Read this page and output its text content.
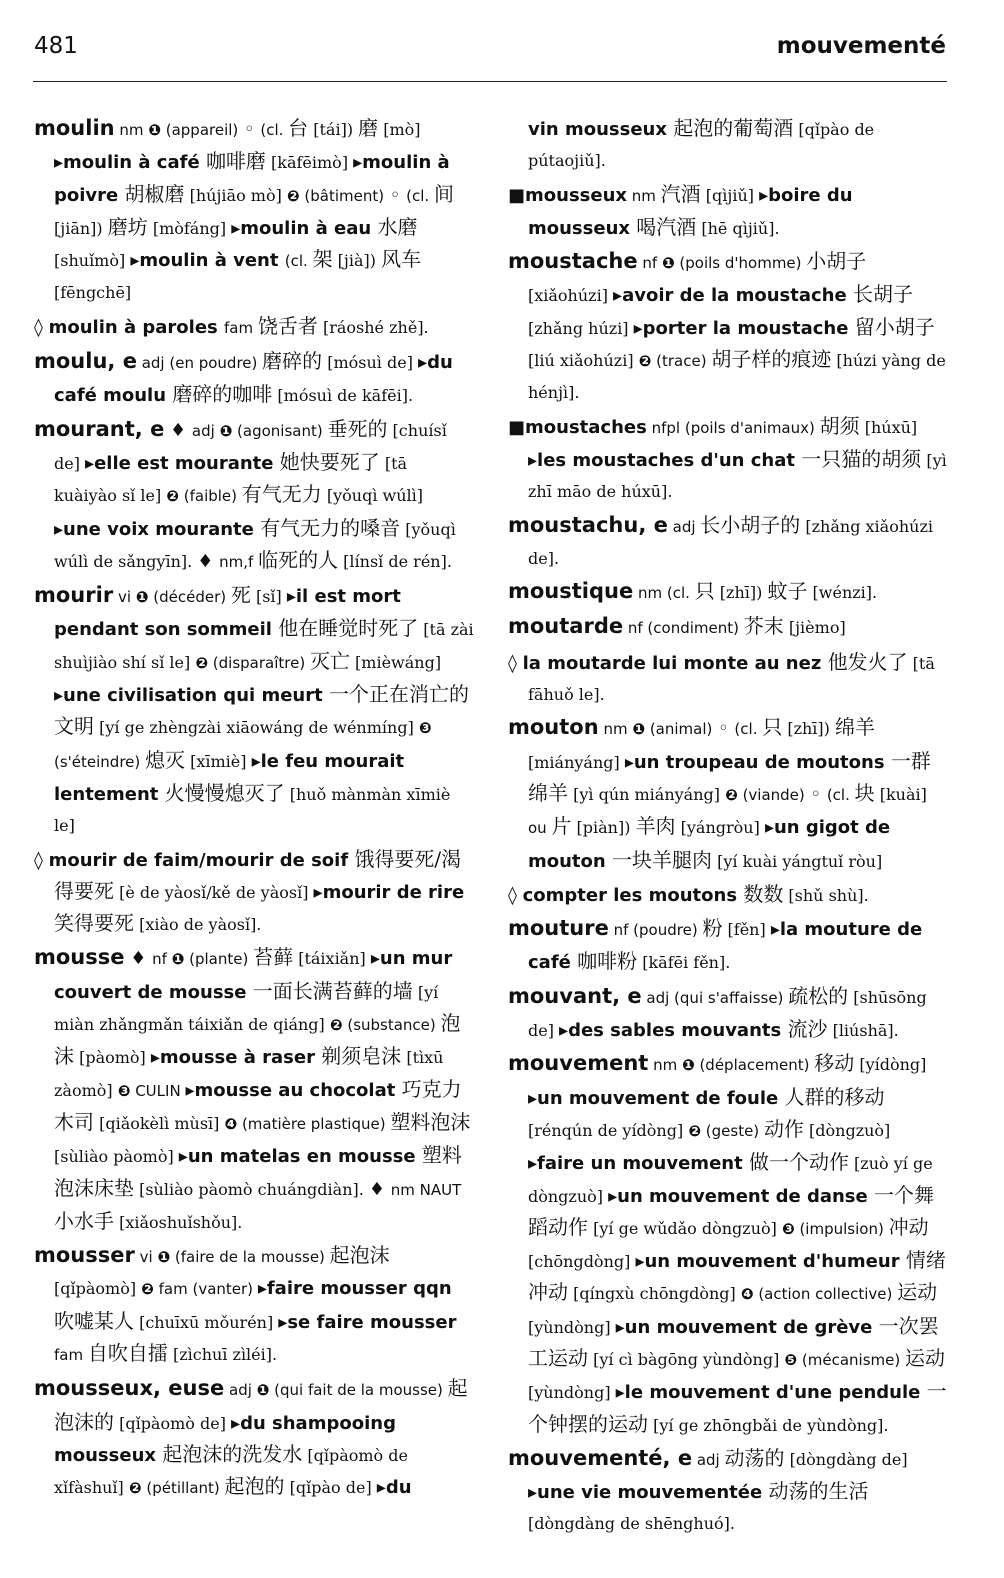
481	mouvementé
moulin nm ❶ (appareil) ◦ (cl. 台 [tái]) 磨 [mò] ▸moulin à café 咖啡磨 [kāfēimò] ▸moulin à poivre 胡椒磨 [hújiāo mò] ❷ (bâtiment) ◦ (cl. 间 [jiān]) 磨坊 [mòfáng] ▸moulin à eau 水磨 [shuǐmò] ▸moulin à vent (cl. 架 [jià]) 风车 [fēngchē]
◊ moulin à paroles fam 饶舌者 [ráoshé zhě].
moulu, e adj (en poudre) 磨碎的 [mósuì de] ▸du café moulu 磨碎的咖啡 [mósuì de kāfēi].
mourant, e ♦ adj ❶ (agonisant) 垂死的 [chuísǐ de] ▸elle est mourante 她快要死了 [tā kuàiyào sǐ le] ❷ (faible) 有气无力 [yǒuqì wúlì] ▸une voix mourante 有气无力的嗓音 [yǒuqì wúlì de sǎngyīn]. ♦ nm,f 临死的人 [línsǐ de rén].
mourir vi ❶ (décéder) 死 [sǐ] ▸il est mort pendant son sommeil 他在睡觉时死了 [tā zài shuìjiào shí sǐ le] ❷ (disparaître) 灭亡 [mièwáng] ▸une civilisation qui meurt 一个正在消亡的文明 [yí ge zhèngzài xiāowáng de wénmíng] ❸ (s'éteindre) 熄灭 [xīmiè] ▸le feu mourait lentement 火慢慢熄灭了 [huǒ mànmàn xīmiè le]
◊ mourir de faim/mourir de soif 饿得要死/渴得要死 [è de yàosǐ/kě de yàosǐ] ▸mourir de rire 笑得要死 [xiào de yàosǐ].
mousse ♦ nf ❶ (plante) 苔藓 [táixiǎn] ▸un mur couvert de mousse 一面长满苔藓的墙 [yí miàn zhǎngmǎn táixiǎn de qiáng] ❷ (substance) 泡沫 [pàomò] ▸mousse à raser 剃须皂沫 [tìxū zàomò] ❸ CULIN ▸mousse au chocolat 巧克力木司 [qiǎokèlì mùsī] ❹ (matière plastique) 塑料泡沫 [sùliào pàomò] ▸un matelas en mousse 塑料泡沫床垫 [sùliào pàomò chuángdiàn]. ♦ nm NAUT 小水手 [xiǎoshuǐshǒu].
mousser vi ❶ (faire de la mousse) 起泡沫 [qǐpàomò] ❷ fam (vanter) ▸faire mousser qqn 吹嘘某人 [chuīxū mǒurén] ▸se faire mousser fam 自吹自擂 [zìchuī zìléi].
mousseux, euse adj ❶ (qui fait de la mousse) 起泡沫的 [qǐpàomò de] ▸du shampooing mousseux 起泡沫的洗发水 [qǐpàomò de xǐfàshuǐ] ❷ (pétillant) 起泡的 [qǐpào de] ▸du
vin mousseux 起泡的葡萄酒 [qǐpào de pútaojiǔ].
■mousseux nm 汽酒 [qìjiǔ] ▸boire du mousseux 喝汽酒 [hē qìjiǔ].
moustache nf ❶ (poils d'homme) 小胡子 [xiǎohúzi] ▸avoir de la moustache 长胡子 [zhǎng húzi] ▸porter la moustache 留小胡子 [liú xiǎohúzi] ❷ (trace) 胡子样的痕迹 [húzi yàng de hénjì].
■moustaches nfpl (poils d'animaux) 胡须 [húxū] ▸les moustaches d'un chat 一只猫的胡须 [yì zhī māo de húxū].
moustachu, e adj 长小胡子的 [zhǎng xiǎohúzi de].
moustique nm (cl. 只 [zhī]) 蚊子 [wénzi].
moutarde nf (condiment) 芥末 [jièmo]
◊ la moutarde lui monte au nez 他发火了 [tā fāhuǒ le].
mouton nm ❶ (animal) ◦ (cl. 只 [zhī]) 绵羊 [miányáng] ▸un troupeau de moutons 一群绵羊 [yì qún miányáng] ❷ (viande) ◦ (cl. 块 [kuài] ou 片 [piàn]) 羊肉 [yángròu] ▸un gigot de mouton 一块羊腿肉 [yí kuài yángtuǐ ròu]
◊ compter les moutons 数数 [shǔ shù].
mouture nf (poudre) 粉 [fěn] ▸la mouture de café 咖啡粉 [kāfēi fěn].
mouvant, e adj (qui s'affaisse) 疏松的 [shūsōng de] ▸des sables mouvants 流沙 [liúshā].
mouvement nm ❶ (déplacement) 移动 [yídòng] ▸un mouvement de foule 人群的移动 [rénqún de yídòng] ❷ (geste) 动作 [dòngzuò] ▸faire un mouvement 做一个动作 [zuò yí ge dòngzuò] ▸un mouvement de danse 一个舞蹈动作 [yí ge wǔdǎo dòngzuò] ❸ (impulsion) 冲动 [chōngdòng] ▸un mouvement d'humeur 情绪冲动 [qíngxù chōngdòng] ❹ (action collective) 运动 [yùndòng] ▸un mouvement de grève 一次罢工运动 [yí cì bàgōng yùndòng] ❺ (mécanisme) 运动 [yùndòng] ▸le mouvement d'une pendule 一个钟摆的运动 [yí ge zhōngbǎi de yùndòng].
mouvementé, e adj 动荡的 [dòngdàng de] ▸une vie mouvementée 动荡的生活 [dòngdàng de shēnghuó].
